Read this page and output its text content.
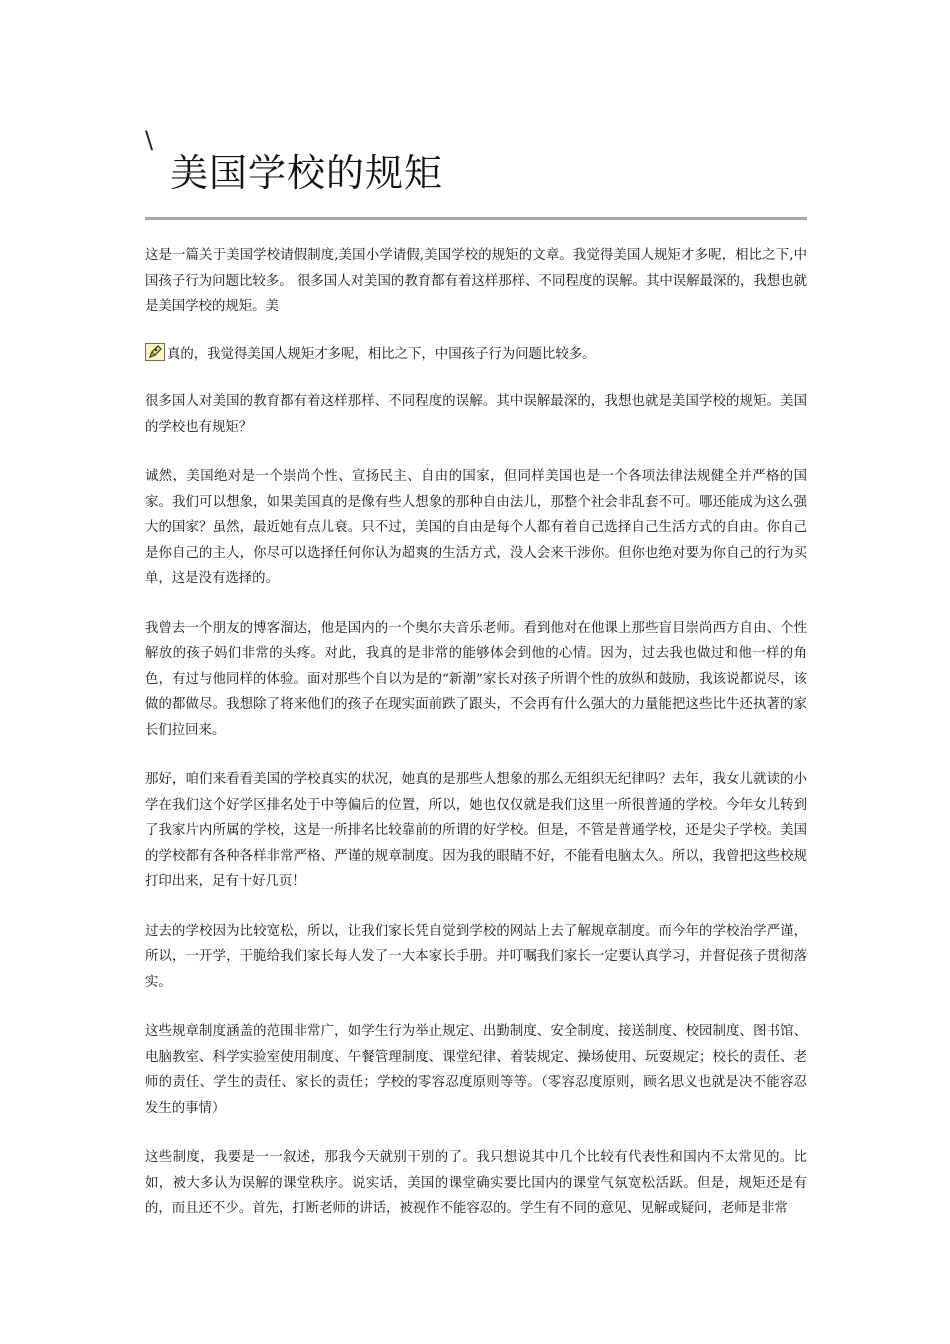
\
美国学校的规矩

这是一篇关于美国学校请假制度,美国小学请假,美国学校的规矩的文章。我觉得美国人规矩才多呢，相比之下,中国孩子行为问题比较多。 很多国人对美国的教育都有着这样那样、不同程度的误解。其中误解最深的，我想也就是美国学校的规矩。美

真的，我觉得美国人规矩才多呢，相比之下，中国孩子行为问题比较多。

很多国人对美国的教育都有着这样那样、不同程度的误解。其中误解最深的，我想也就是美国学校的规矩。美国的学校也有规矩？

诚然，美国绝对是一个崇尚个性、宣扬民主、自由的国家，但同样美国也是一个各项法律法规健全并严格的国家。我们可以想象，如果美国真的是像有些人想象的那种自由法儿，那整个社会非乱套不可。哪还能成为这么强大的国家？虽然，最近她有点儿衰。只不过，美国的自由是每个人都有着自己选择自己生活方式的自由。你自己是你自己的主人，你尽可以选择任何你认为超爽的生活方式，没人会来干涉你。但你也绝对要为你自己的行为买单，这是没有选择的。

我曾去一个朋友的博客溜达，他是国内的一个奥尔夫音乐老师。看到他对在他课上那些盲目崇尚西方自由、个性解放的孩子妈们非常的头疼。对此，我真的是非常的能够体会到他的心情。因为，过去我也做过和他一样的角色，有过与他同样的体验。面对那些个自以为是的“新潮”家长对孩子所谓个性的放纵和鼓励，我该说都说尽，该做的都做尽。我想除了将来他们的孩子在现实面前跌了跟头，不会再有什么强大的力量能把这些比牛还执著的家长们拉回来。

那好，咱们来看看美国的学校真实的状况，她真的是那些人想象的那么无组织无纪律吗？去年，我女儿就读的小学在我们这个好学区排名处于中等偏后的位置，所以，她也仅仅就是我们这里一所很普通的学校。今年女儿转到了我家片内所属的学校，这是一所排名比较靠前的所谓的好学校。但是，不管是普通学校，还是尖子学校。美国的学校都有各种各样非常严格、严谨的规章制度。因为我的眼睛不好，不能看电脑太久。所以，我曾把这些校规打印出来，足有十好几页！

过去的学校因为比较宽松，所以，让我们家长凭自觉到学校的网站上去了解规章制度。而今年的学校治学严谨，所以，一开学，干脆给我们家长每人发了一大本家长手册。并叮嘱我们家长一定要认真学习，并督促孩子贯彻落实。

这些规章制度涵盖的范围非常广，如学生行为举止规定、出勤制度、安全制度、接送制度、校园制度、图书馆、电脑教室、科学实验室使用制度、午餐管理制度、课堂纪律、着装规定、操场使用、玩耍规定；校长的责任、老师的责任、学生的责任、家长的责任；学校的零容忍度原则等等。（零容忍度原则，顾名思义也就是决不能容忍发生的事情）

这些制度，我要是一一叙述，那我今天就别干别的了。我只想说其中几个比较有代表性和国内不太常见的。比如，被大多认为误解的课堂秩序。说实话，美国的课堂确实要比国内的课堂气氛宽松活跃。但是，规矩还是有的，而且还不少。首先，打断老师的讲话，被视作不能容忍的。学生有不同的意见、见解或疑问，老师是非常
